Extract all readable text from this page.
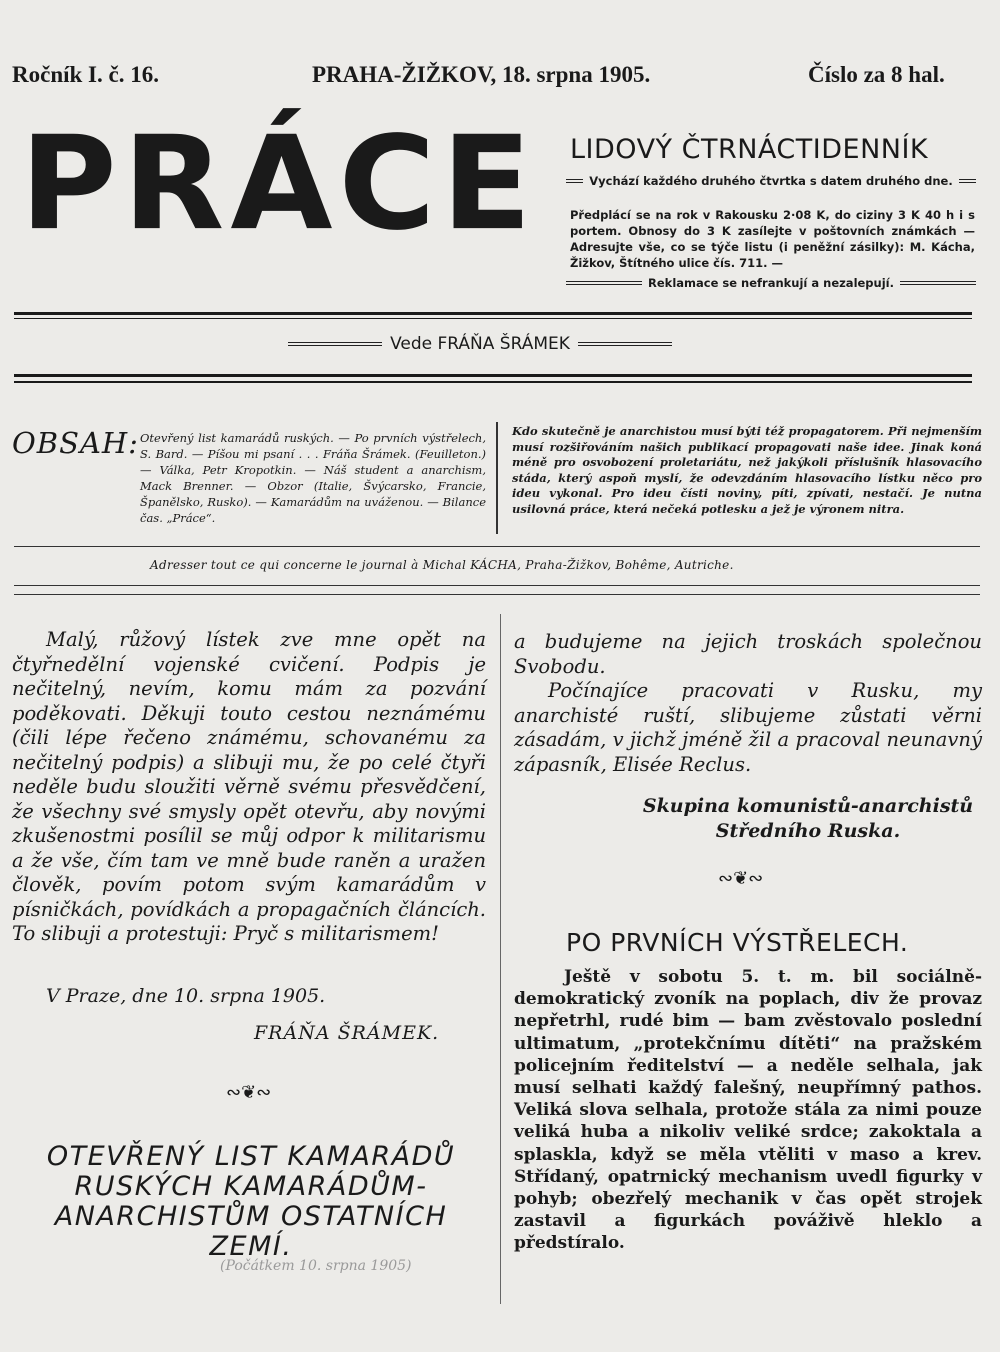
Ročník I. č. 16.	PRAHA-ŽIŽKOV, 18. srpna 1905.	Číslo za 8 hal.
PRÁCE LIDOVÝ ČTRNÁCTIDENNÍK
Vychází každého druhého čtvrtka s datem druhého dne.
Předplácí se na rok v Rakousku 2·08 K, do ciziny 3 K 40 h i s portem. Obnosy do 3 K zasílejte v poštovních známkách — Adresujte vše, co se týče listu (i peněžní zásilky): M. Kácha, Žižkov, Štítného ulice čís. 711. —
Reklamace se nefrankují a nezalepují.
Vede FRÁŇA ŠRÁMEK
OBSAH: Otevřený list kamarádů ruských. — Po prvních výstřelech, S. Bard. — Píšou mi psaní . . . Fráňa Šrámek. (Feuilleton.) — Válka, Petr Kropotkin. — Náš student a anarchism, Mack Brenner. — Obzor (Italie, Švýcarsko, Francie, Španělsko, Rusko). — Kamarádům na uváženou. — Bilance čas. „Práce“.
Kdo skutečně je anarchistou musí býti též propagatorem. Při nejmenším musí rozšiřováním našich publikací propagovati naše idee. Jinak koná méně pro osvobození proletariátu, než jakýkoli příslušník hlasovacího stáda, který aspoň myslí, že odevzdáním hlasovacího lístku něco pro ideu vykonal. Pro ideu čísti noviny, píti, zpívati, nestačí. Je nutna usilovná práce, která nečeká potlesku a jež je výronem nitra.
Adresser tout ce qui concerne le journal à Michal KÁCHA, Praha-Žižkov, Bohême, Autriche.

Malý, růžový lístek zve mne opět na čtyřnedělní vojenské cvičení. Podpis je nečitelný, nevím, komu mám za pozvání poděkovati. Děkuji touto cestou neznámému (čili lépe řečeno známému, schovanému za nečitelný podpis) a slibuji mu, že po celé čtyři neděle budu sloužiti věrně svému přesvědčení, že všechny své smysly opět otevřu, aby novými zkušenostmi posílil se můj odpor k militarismu a že vše, čím tam ve mně bude raněn a uražen člověk, povím potom svým kamarádům v písničkách, povídkách a propagačních článcích. To slibuji a protestuji: Pryč s militarismem!

V Praze, dne 10. srpna 1905.
FRÁŇA ŠRÁMEK.
∾❦∾
OTEVŘENÝ LIST KAMARÁDŮ RUSKÝCH KAMARÁDŮM-ANARCHISTŮM OSTATNÍCH ZEMÍ.
(Počátkem 10. srpna 1905)

a budujeme na jejich troskách společnou Svobodu.

Počínajíce pracovati v Rusku, my anarchisté ruští, slibujeme zůstati věrni zásadám, v jichž jméně žil a pracoval neunavný zápasník, Elisée Reclus.

Skupina komunistů-anarchistů
Středního Ruska.
∾❦∾
PO PRVNÍCH VÝSTŘELECH.
Ještě v sobotu 5. t. m. bil sociálně-demokratický zvoník na poplach, div že provaz nepřetrhl, rudé bim — bam zvěstovalo poslední ultimatum, „protekčnímu dítěti“ na pražském policejním ředitelství — a neděle selhala, jak musí selhati každý falešný, neupřímný pathos. Veliká slova selhala, protože stála za nimi pouze veliká huba a nikoliv veliké srdce; zakoktala a splaskla, když se měla vtěliti v maso a krev. Střídaný, opatrnický mechanism uvedl figurky v pohyb; obezřelý mechanik v čas opět strojek zastavil a figurkách pováživě hleklo a předstíralo.
